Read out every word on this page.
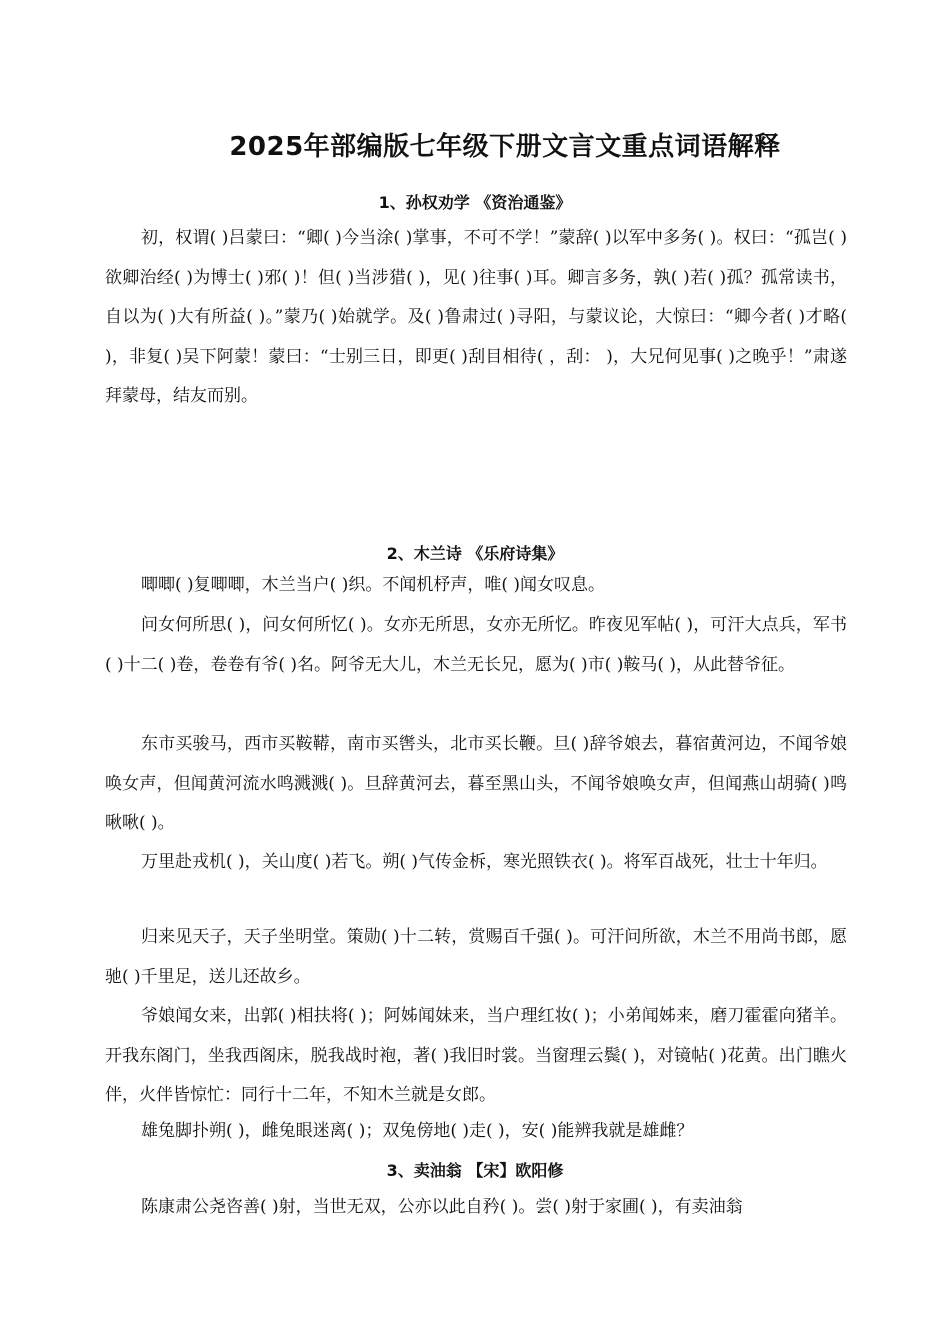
2025年部编版七年级下册文言文重点词语解释
1、孙权劝学 《资治通鉴》

初，权谓( )吕蒙曰：“卿( )今当涂( )掌事，不可不学！”蒙辞( )以军中多务( )。权曰：“孤岂( )欲卿治经( )为博士( )邪( )！但( )当涉猎( )，见( )往事( )耳。卿言多务，孰( )若( )孤？孤常读书，自以为( )大有所益( )。”蒙乃( )始就学。及( )鲁肃过( )寻阳，与蒙议论，大惊曰：“卿今者( )才略( )，非复( )吴下阿蒙！蒙曰：“士别三日，即更( )刮目相待( ，刮： )，大兄何见事( )之晚乎！”肃遂拜蒙母，结友而别。

2、木兰诗 《乐府诗集》

唧唧( )复唧唧，木兰当户( )织。不闻机杼声，唯( )闻女叹息。

问女何所思( )，问女何所忆( )。女亦无所思，女亦无所忆。昨夜见军帖( )，可汗大点兵，军书( )十二( )卷，卷卷有爷( )名。阿爷无大儿，木兰无长兄，愿为( )市( )鞍马( )，从此替爷征。

东市买骏马，西市买鞍鞯，南市买辔头，北市买长鞭。旦( )辞爷娘去，暮宿黄河边，不闻爷娘唤女声，但闻黄河流水鸣溅溅( )。旦辞黄河去，暮至黑山头，不闻爷娘唤女声，但闻燕山胡骑( )鸣啾啾( )。

万里赴戎机( )，关山度( )若飞。朔( )气传金柝，寒光照铁衣( )。将军百战死，壮士十年归。

归来见天子，天子坐明堂。策勋( )十二转，赏赐百千强( )。可汗问所欲，木兰不用尚书郎，愿驰( )千里足，送儿还故乡。

爷娘闻女来，出郭( )相扶将( )；阿姊闻妹来，当户理红妆( )；小弟闻姊来，磨刀霍霍向猪羊。开我东阁门，坐我西阁床，脱我战时袍，著( )我旧时裳。当窗理云鬓( )，对镜帖( )花黄。出门瞧火伴，火伴皆惊忙：同行十二年，不知木兰就是女郎。

雄兔脚扑朔( )，雌兔眼迷离( )；双兔傍地( )走( )，安( )能辨我就是雄雌？

3、卖油翁 【宋】欧阳修

陈康肃公尧咨善( )射，当世无双，公亦以此自矜( )。尝( )射于家圃( )，有卖油翁
